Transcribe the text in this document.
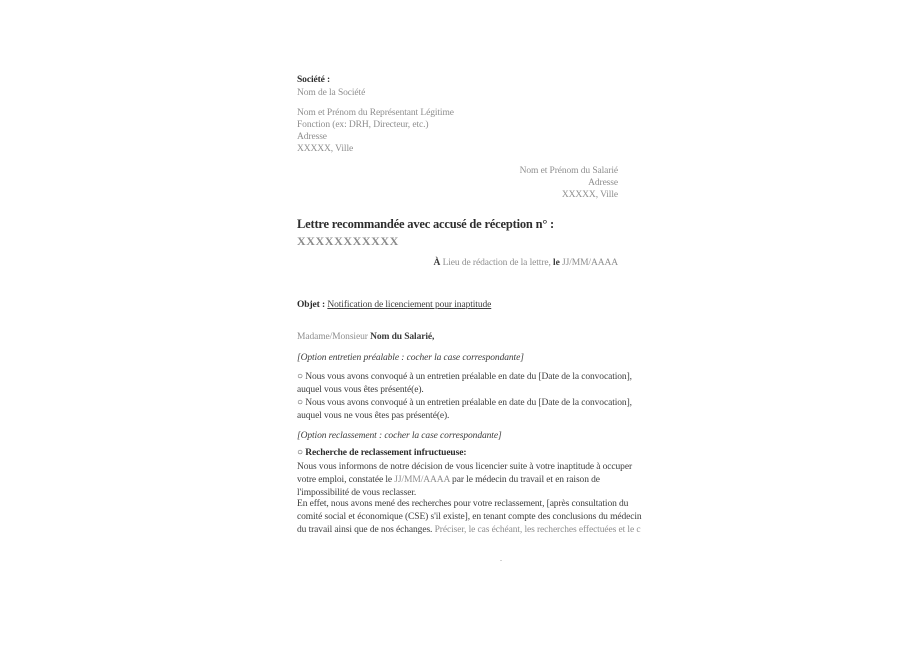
Société :
Nom de la Société
Nom et Prénom du Représentant Légitime
Fonction (ex: DRH, Directeur, etc.)
Adresse
XXXXX, Ville
Nom et Prénom du Salarié
Adresse
XXXXX, Ville
Lettre recommandée avec accusé de réception n° :
XXXXXXXXXXX
À Lieu de rédaction de la lettre, le JJ/MM/AAAA
Objet : Notification de licenciement pour inaptitude
Madame/Monsieur Nom du Salarié,
[Option entretien préalable : cocher la case correspondante]
○ Nous vous avons convoqué à un entretien préalable en date du [Date de la convocation],
auquel vous vous êtes présenté(e).
○ Nous vous avons convoqué à un entretien préalable en date du [Date de la convocation],
auquel vous ne vous êtes pas présenté(e).
[Option reclassement : cocher la case correspondante]
○ Recherche de reclassement infructueuse:
Nous vous informons de notre décision de vous licencier suite à votre inaptitude à occuper
votre emploi, constatée le JJ/MM/AAAA par le médecin du travail et en raison de
l'impossibilité de vous reclasser.
En effet, nous avons mené des recherches pour votre reclassement, [après consultation du
comité social et économique (CSE) s'il existe], en tenant compte des conclusions du médecin
du travail ainsi que de nos échanges. Préciser, le cas échéant, les recherches effectuées et le c
.
